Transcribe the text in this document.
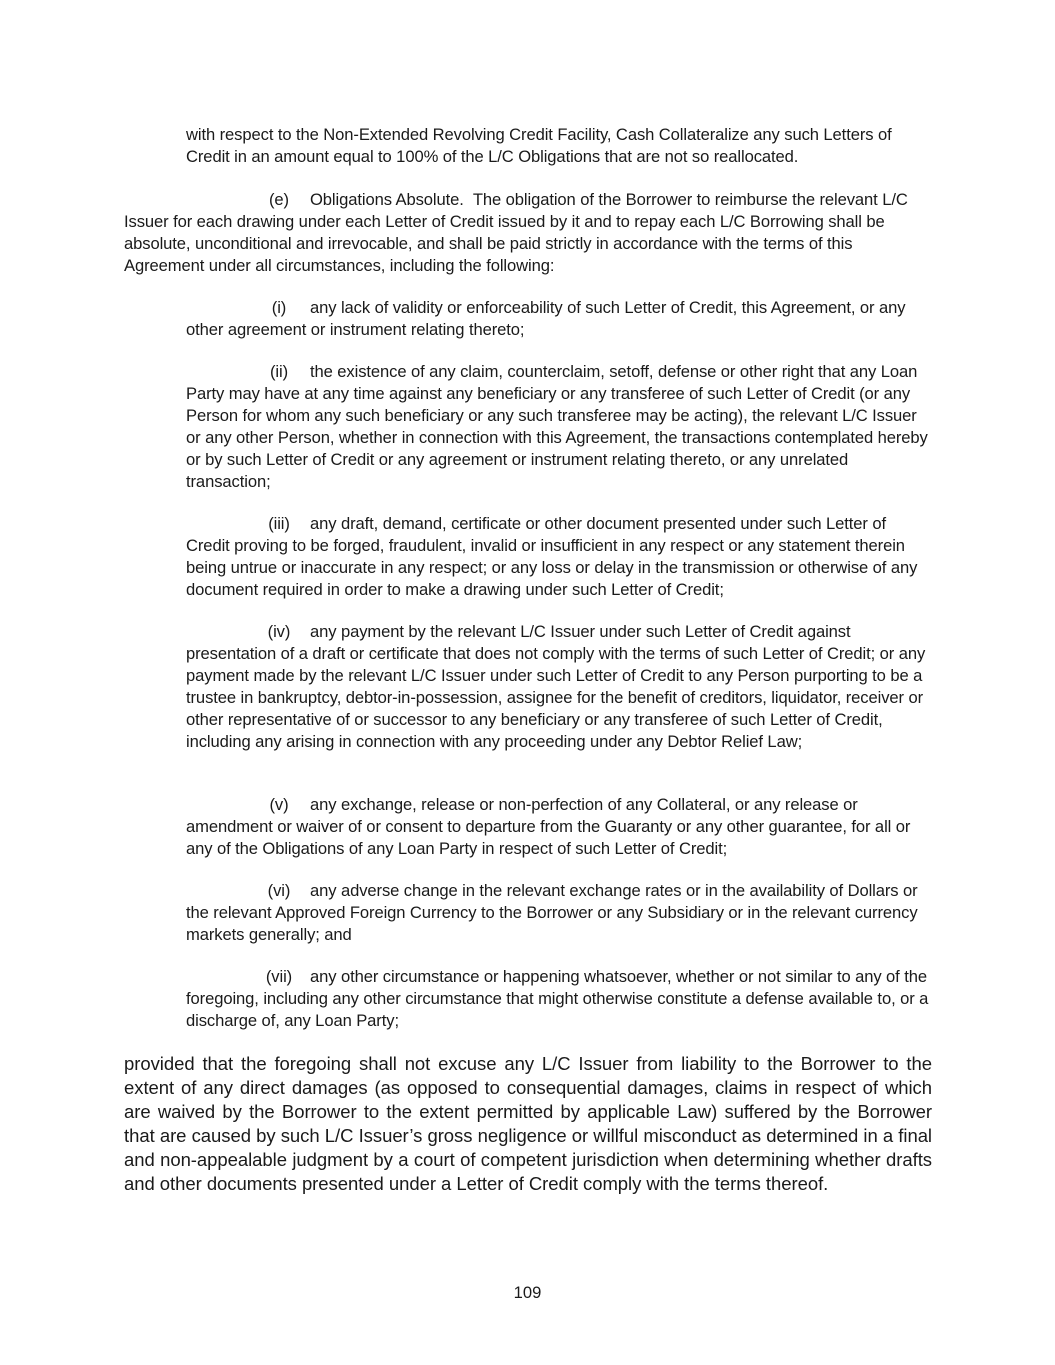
with respect to the Non-Extended Revolving Credit Facility, Cash Collateralize any such Letters of Credit in an amount equal to 100% of the L/C Obligations that are not so reallocated.

(e) Obligations Absolute. The obligation of the Borrower to reimburse the relevant L/C Issuer for each drawing under each Letter of Credit issued by it and to repay each L/C Borrowing shall be absolute, unconditional and irrevocable, and shall be paid strictly in accordance with the terms of this Agreement under all circumstances, including the following:

(i) any lack of validity or enforceability of such Letter of Credit, this Agreement, or any other agreement or instrument relating thereto;

(ii) the existence of any claim, counterclaim, setoff, defense or other right that any Loan Party may have at any time against any beneficiary or any transferee of such Letter of Credit (or any Person for whom any such beneficiary or any such transferee may be acting), the relevant L/C Issuer or any other Person, whether in connection with this Agreement, the transactions contemplated hereby or by such Letter of Credit or any agreement or instrument relating thereto, or any unrelated transaction;

(iii) any draft, demand, certificate or other document presented under such Letter of Credit proving to be forged, fraudulent, invalid or insufficient in any respect or any statement therein being untrue or inaccurate in any respect; or any loss or delay in the transmission or otherwise of any document required in order to make a drawing under such Letter of Credit;

(iv) any payment by the relevant L/C Issuer under such Letter of Credit against presentation of a draft or certificate that does not comply with the terms of such Letter of Credit; or any payment made by the relevant L/C Issuer under such Letter of Credit to any Person purporting to be a trustee in bankruptcy, debtor-in-possession, assignee for the benefit of creditors, liquidator, receiver or other representative of or successor to any beneficiary or any transferee of such Letter of Credit, including any arising in connection with any proceeding under any Debtor Relief Law;

(v) any exchange, release or non-perfection of any Collateral, or any release or amendment or waiver of or consent to departure from the Guaranty or any other guarantee, for all or any of the Obligations of any Loan Party in respect of such Letter of Credit;

(vi) any adverse change in the relevant exchange rates or in the availability of Dollars or the relevant Approved Foreign Currency to the Borrower or any Subsidiary or in the relevant currency markets generally; and

(vii) any other circumstance or happening whatsoever, whether or not similar to any of the foregoing, including any other circumstance that might otherwise constitute a defense available to, or a discharge of, any Loan Party;

provided that the foregoing shall not excuse any L/C Issuer from liability to the Borrower to the extent of any direct damages (as opposed to consequential damages, claims in respect of which are waived by the Borrower to the extent permitted by applicable Law) suffered by the Borrower that are caused by such L/C Issuer’s gross negligence or willful misconduct as determined in a final and non-appealable judgment by a court of competent jurisdiction when determining whether drafts and other documents presented under a Letter of Credit comply with the terms thereof.

109
